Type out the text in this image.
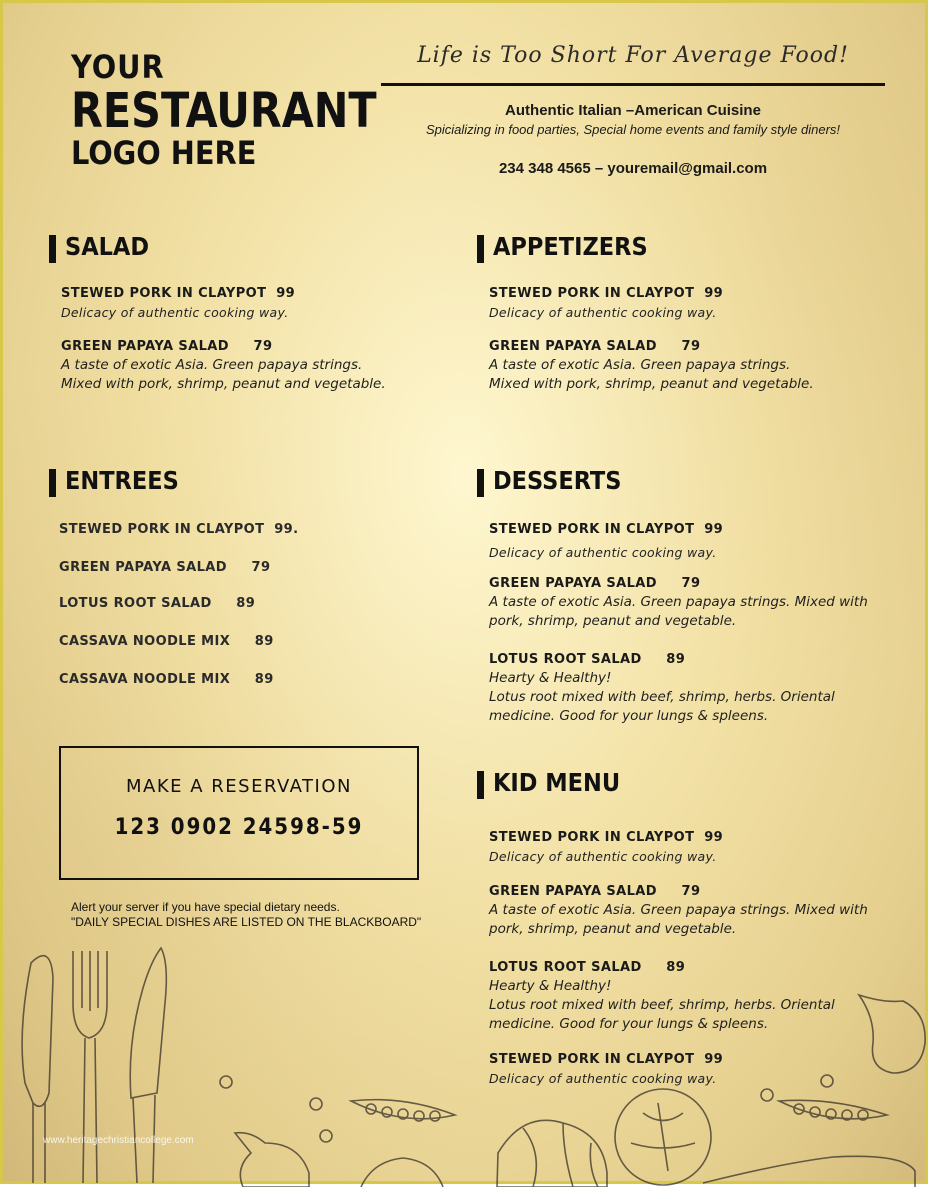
YOUR
RESTAURANT
LOGO HERE
Life is Too Short For Average Food!
Authentic Italian –American Cuisine
Spicializing in food parties, Special home events and family style diners!
234 348 4565 – youremail@gmail.com
SALAD
STEWED PORK IN CLAYPOT  99
Delicacy of authentic cooking way.
GREEN PAPAYA SALAD     79
A taste of exotic Asia. Green papaya strings. Mixed with pork, shrimp, peanut and vegetable.
APPETIZERS
STEWED PORK IN CLAYPOT  99
Delicacy of authentic cooking way.
GREEN PAPAYA SALAD     79
A taste of exotic Asia. Green papaya strings. Mixed with pork, shrimp, peanut and vegetable.
ENTREES
STEWED PORK IN CLAYPOT  99.
GREEN PAPAYA SALAD     79
LOTUS ROOT SALAD     89
CASSAVA NOODLE MIX     89
CASSAVA NOODLE MIX     89
DESSERTS
STEWED PORK IN CLAYPOT  99
Delicacy of authentic cooking way.
GREEN PAPAYA SALAD     79
A taste of exotic Asia. Green papaya strings. Mixed with pork, shrimp, peanut and vegetable.
LOTUS ROOT SALAD     89
Hearty & Healthy!
Lotus root mixed with beef, shrimp, herbs. Oriental medicine. Good for your lungs & spleens.
KID MENU
STEWED PORK IN CLAYPOT  99
Delicacy of authentic cooking way.
GREEN PAPAYA SALAD     79
A taste of exotic Asia. Green papaya strings. Mixed with pork, shrimp, peanut and vegetable.
LOTUS ROOT SALAD     89
Hearty & Healthy!
Lotus root mixed with beef, shrimp, herbs. Oriental medicine. Good for your lungs & spleens.
STEWED PORK IN CLAYPOT  99
Delicacy of authentic cooking way.
MAKE A RESERVATION
123 0902 24598-59
Alert your server if you have special dietary needs.
"DAILY SPECIAL DISHES ARE LISTED ON THE BLACKBOARD"
www.heritagechristiancollege.com
